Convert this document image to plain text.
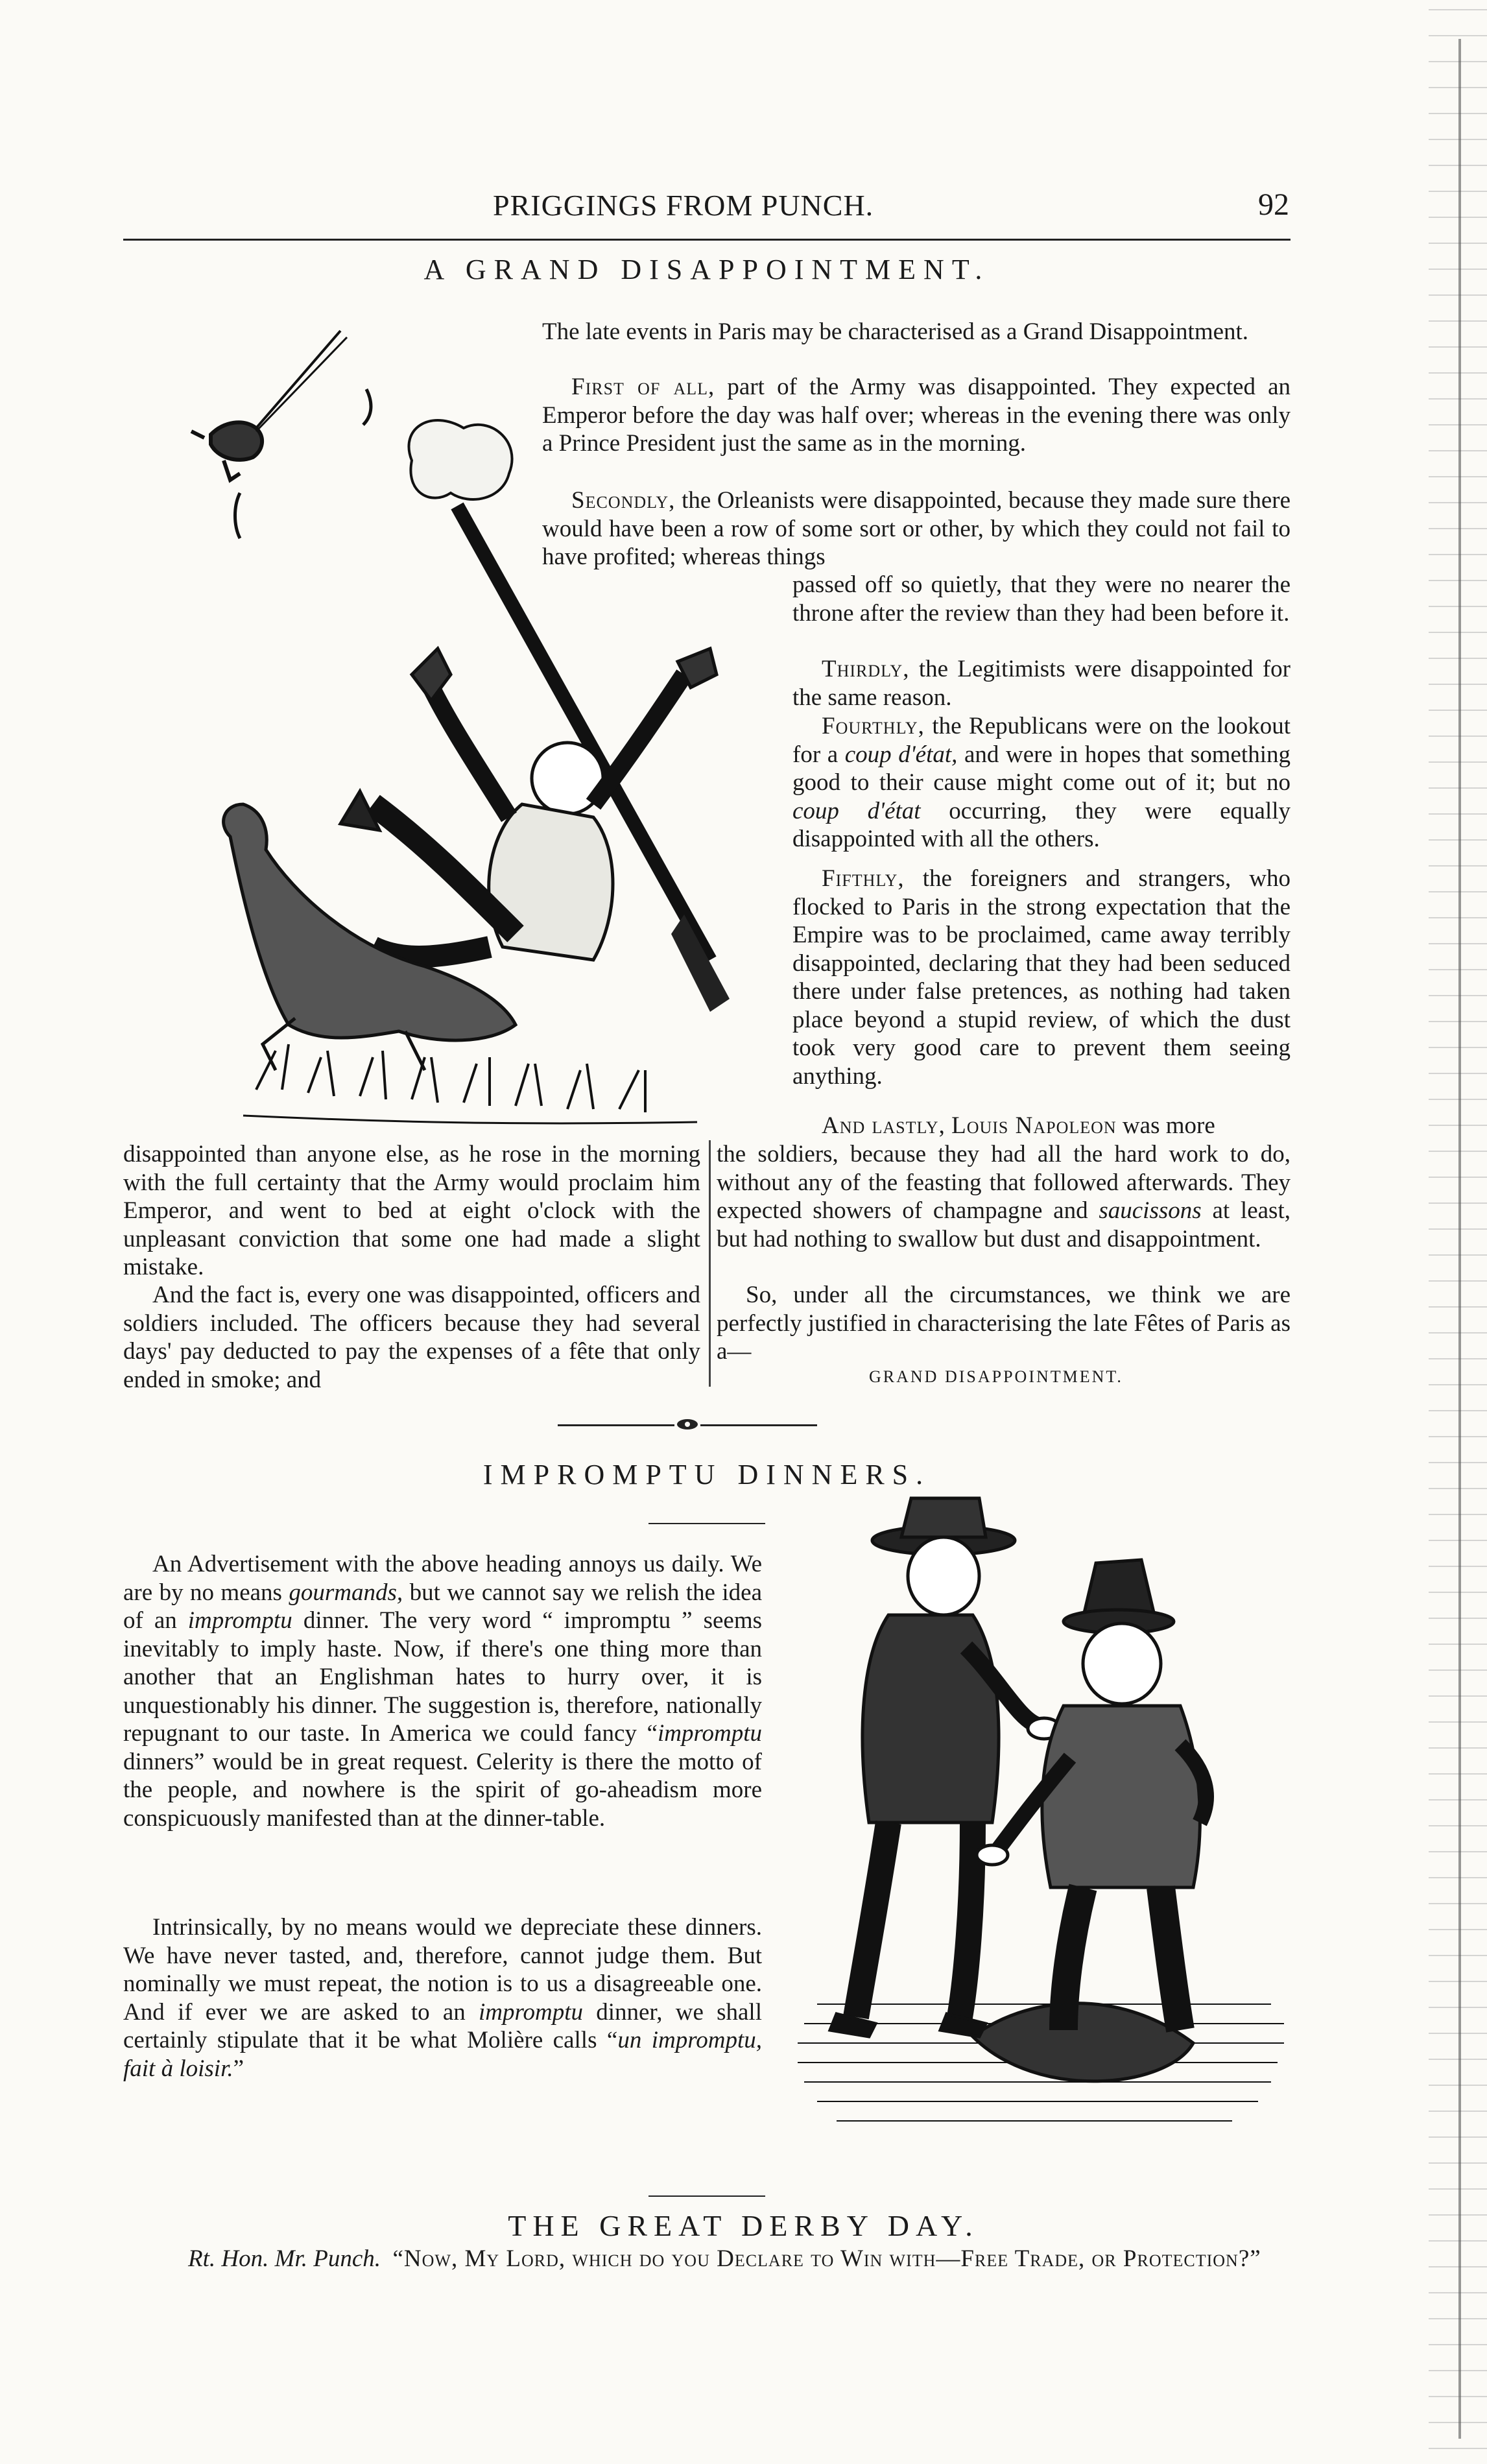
PRIGGINGS FROM PUNCH.	92
A GRAND DISAPPOINTMENT.

The late events in Paris may be characterised as a Grand Disappointment.

First of all, part of the Army was disappointed. They expected an Emperor before the day was half over; whereas in the evening there was only a Prince President just the same as in the morning.

Secondly, the Orleanists were disappointed, because they made sure there would have been a row of some sort or other, by which they could not fail to have profited; whereas things

passed off so quietly, that they were no nearer the throne after the review than they had been before it.

Thirdly, the Legitimists were disappointed for the same reason.

Fourthly, the Republicans were on the lookout for a coup d'état, and were in hopes that something good to their cause might come out of it; but no coup d'état occurring, they were equally disappointed with all the others.

Fifthly, the foreigners and strangers, who flocked to Paris in the strong expectation that the Empire was to be proclaimed, came away terribly disappointed, declaring that they had been seduced there under false pretences, as nothing had taken place beyond a stupid review, of which the dust took very good care to prevent them seeing anything.

And lastly, Louis Napoleon was more

disappointed than anyone else, as he rose in the morning with the full certainty that the Army would proclaim him Emperor, and went to bed at eight o'clock with the unpleasant conviction that some one had made a slight mistake.

And the fact is, every one was disappointed, officers and soldiers included. The officers because they had several days' pay deducted to pay the expenses of a fête that only ended in smoke; and

the soldiers, because they had all the hard work to do, without any of the feasting that followed afterwards. They expected showers of champagne and saucissons at least, but had nothing to swallow but dust and disappointment.

So, under all the circumstances, we think we are perfectly justified in characterising the late Fêtes of Paris as a—

GRAND DISAPPOINTMENT.
IMPROMPTU DINNERS.

An Advertisement with the above heading annoys us daily. We are by no means gourmands, but we cannot say we relish the idea of an impromptu dinner. The very word “ impromptu ” seems inevitably to imply haste. Now, if there's one thing more than another that an Englishman hates to hurry over, it is unquestionably his dinner. The suggestion is, therefore, nationally repugnant to our taste. In America we could fancy “impromptu dinners” would be in great request. Celerity is there the motto of the people, and nowhere is the spirit of go-aheadism more conspicuously manifested than at the dinner-table.

Intrinsically, by no means would we depreciate these dinners. We have never tasted, and, therefore, cannot judge them. But nominally we must repeat, the notion is to us a disagreeable one. And if ever we are asked to an impromptu dinner, we shall certainly stipulate that it be what Molière calls “un impromptu, fait à loisir.”

THE GREAT DERBY DAY.
Rt. Hon. Mr. Punch. “Now, My Lord, which do you Declare to Win with—Free Trade, or Protection?”
